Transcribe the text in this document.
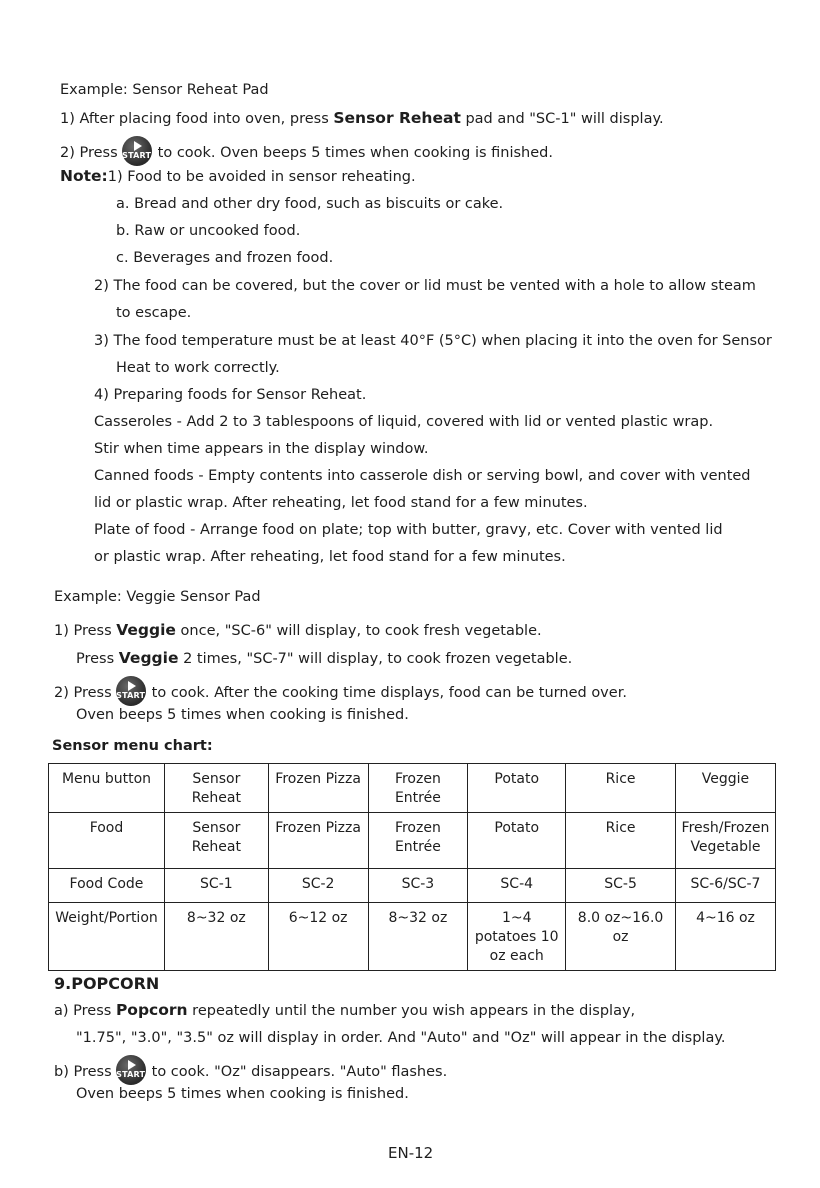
Example: Sensor Reheat Pad
1) After placing food into oven, press Sensor Reheat pad and "SC-1" will display.
2) Press START to cook. Oven beeps 5 times when cooking is finished.
Note:1) Food to be avoided in sensor reheating.
a. Bread and other dry food, such as biscuits or cake.
b. Raw or uncooked food.
c. Beverages and frozen food.
2) The food can be covered, but the cover or lid must be vented with a hole to allow steam
to escape.
3) The food temperature must be at least 40°F (5°C) when placing it into the oven for Sensor
Heat to work correctly.
4) Preparing foods for Sensor Reheat.
Casseroles - Add 2 to 3 tablespoons of liquid, covered with lid or vented plastic wrap.
Stir when time appears in the display window.
Canned foods - Empty contents into casserole dish or serving bowl, and cover with vented
lid or plastic wrap. After reheating, let food stand for a few minutes.
Plate of food - Arrange food on plate; top with butter, gravy, etc. Cover with vented lid
or plastic wrap. After reheating, let food stand for a few minutes.
Example: Veggie Sensor Pad
1) Press Veggie once, "SC-6" will display, to cook fresh vegetable.
Press Veggie 2 times, "SC-7" will display, to cook frozen vegetable.
2) Press START to cook. After the cooking time displays, food can be turned over.
Oven beeps 5 times when cooking is finished.
Sensor menu chart:
Menu button	Sensor Reheat	Frozen Pizza	Frozen Entrée	Potato	Rice	Veggie
Food	Sensor Reheat	Frozen Pizza	Frozen Entrée	Potato	Rice	Fresh/Frozen Vegetable
Food Code	SC-1	SC-2	SC-3	SC-4	SC-5	SC-6/SC-7
Weight/Portion	8~32 oz	6~12 oz	8~32 oz	1~4 potatoes 10 oz each	8.0 oz~16.0 oz	4~16 oz
9.POPCORN
a) Press Popcorn repeatedly until the number you wish appears in the display,
"1.75", "3.0", "3.5" oz will display in order. And "Auto" and "Oz" will appear in the display.
b) Press START to cook. "Oz" disappears. "Auto" flashes.
Oven beeps 5 times when cooking is finished.
EN-12
